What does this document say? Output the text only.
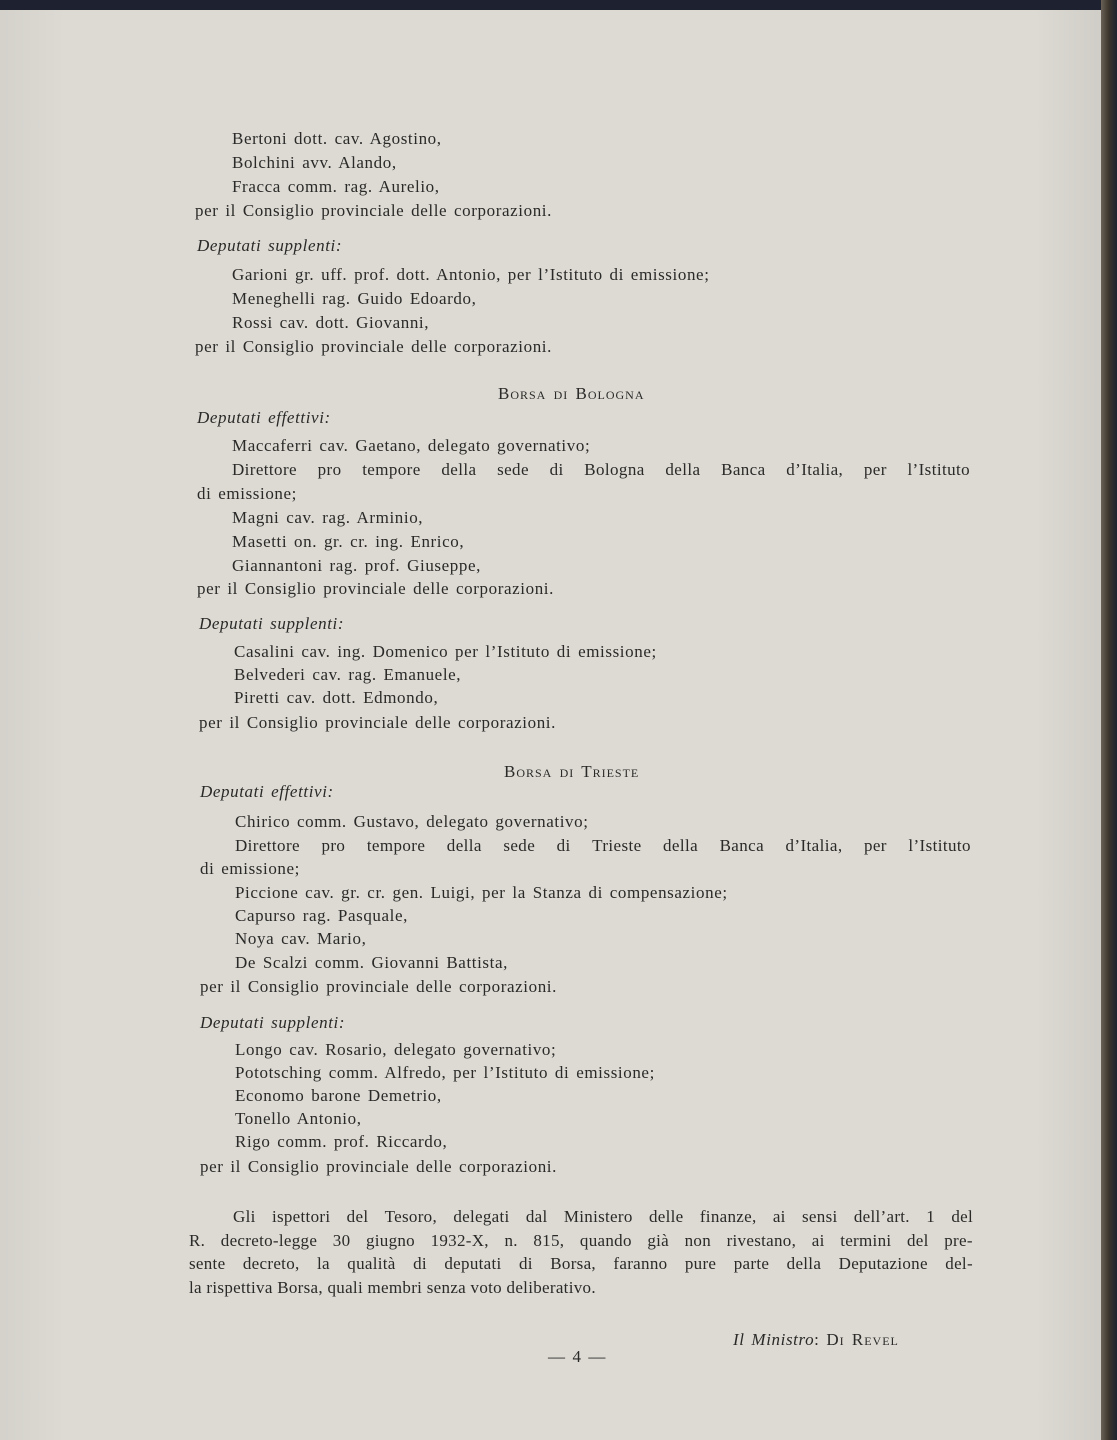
Bertoni dott. cav. Agostino,
Bolchini avv. Alando,
Fracca comm. rag. Aurelio,
per il Consiglio provinciale delle corporazioni.
Deputati supplenti:
Garioni gr. uff. prof. dott. Antonio, per l’Istituto di emissione;
Meneghelli rag. Guido Edoardo,
Rossi cav. dott. Giovanni,
per il Consiglio provinciale delle corporazioni.
Borsa di Bologna
Deputati effettivi:
Maccaferri cav. Gaetano, delegato governativo;
Direttore pro tempore della sede di Bologna della Banca d’Italia, per l’Istituto
di emissione;
Magni cav. rag. Arminio,
Masetti on. gr. cr. ing. Enrico,
Giannantoni rag. prof. Giuseppe,
per il Consiglio provinciale delle corporazioni.
Deputati supplenti:
Casalini cav. ing. Domenico per l’Istituto di emissione;
Belvederi cav. rag. Emanuele,
Piretti cav. dott. Edmondo,
per il Consiglio provinciale delle corporazioni.
Borsa di Trieste
Deputati effettivi:
Chirico comm. Gustavo, delegato governativo;
Direttore pro tempore della sede di Trieste della Banca d’Italia, per l’Istituto
di emissione;
Piccione cav. gr. cr. gen. Luigi, per la Stanza di compensazione;
Capurso rag. Pasquale,
Noya cav. Mario,
De Scalzi comm. Giovanni Battista,
per il Consiglio provinciale delle corporazioni.
Deputati supplenti:
Longo cav. Rosario, delegato governativo;
Pototsching comm. Alfredo, per l’Istituto di emissione;
Economo barone Demetrio,
Tonello Antonio,
Rigo comm. prof. Riccardo,
per il Consiglio provinciale delle corporazioni.
Gli ispettori del Tesoro, delegati dal Ministero delle finanze, ai sensi dell’art. 1 del
R. decreto-legge 30 giugno 1932-X, n. 815, quando già non rivestano, ai termini del pre-
sente decreto, la qualità di deputati di Borsa, faranno pure parte della Deputazione del-
la rispettiva Borsa, quali membri senza voto deliberativo.
Il Ministro: Di Revel
— 4 —
